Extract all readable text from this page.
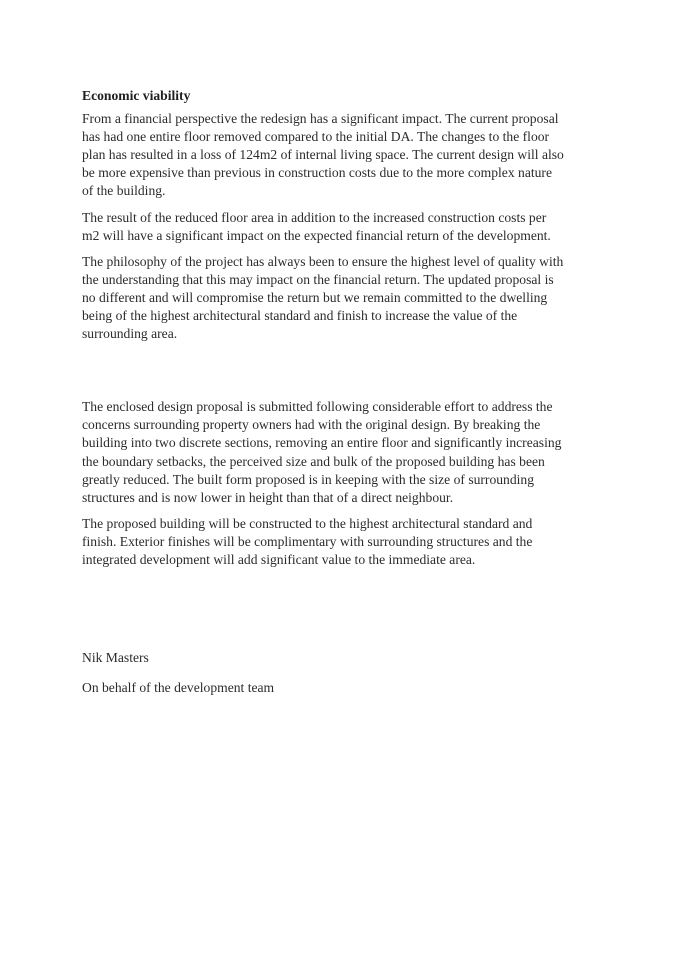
Economic viability

From a financial perspective the redesign has a significant impact. The current proposal
has had one entire floor removed compared to the initial DA. The changes to the floor
plan has resulted in a loss of 124m2 of internal living space. The current design will also
be more expensive than previous in construction costs due to the more complex nature
of the building.

The result of the reduced floor area in addition to the increased construction costs per
m2 will have a significant impact on the expected financial return of the development.

The philosophy of the project has always been to ensure the highest level of quality with
the understanding that this may impact on the financial return. The updated proposal is
no different and will compromise the return but we remain committed to the dwelling
being of the highest architectural standard and finish to increase the value of the
surrounding area.

The enclosed design proposal is submitted following considerable effort to address the
concerns surrounding property owners had with the original design. By breaking the
building into two discrete sections, removing an entire floor and significantly increasing
the boundary setbacks, the perceived size and bulk of the proposed building has been
greatly reduced. The built form proposed is in keeping with the size of surrounding
structures and is now lower in height than that of a direct neighbour.

The proposed building will be constructed to the highest architectural standard and
finish. Exterior finishes will be complimentary with surrounding structures and the
integrated development will add significant value to the immediate area.

Nik Masters

On behalf of the development team
